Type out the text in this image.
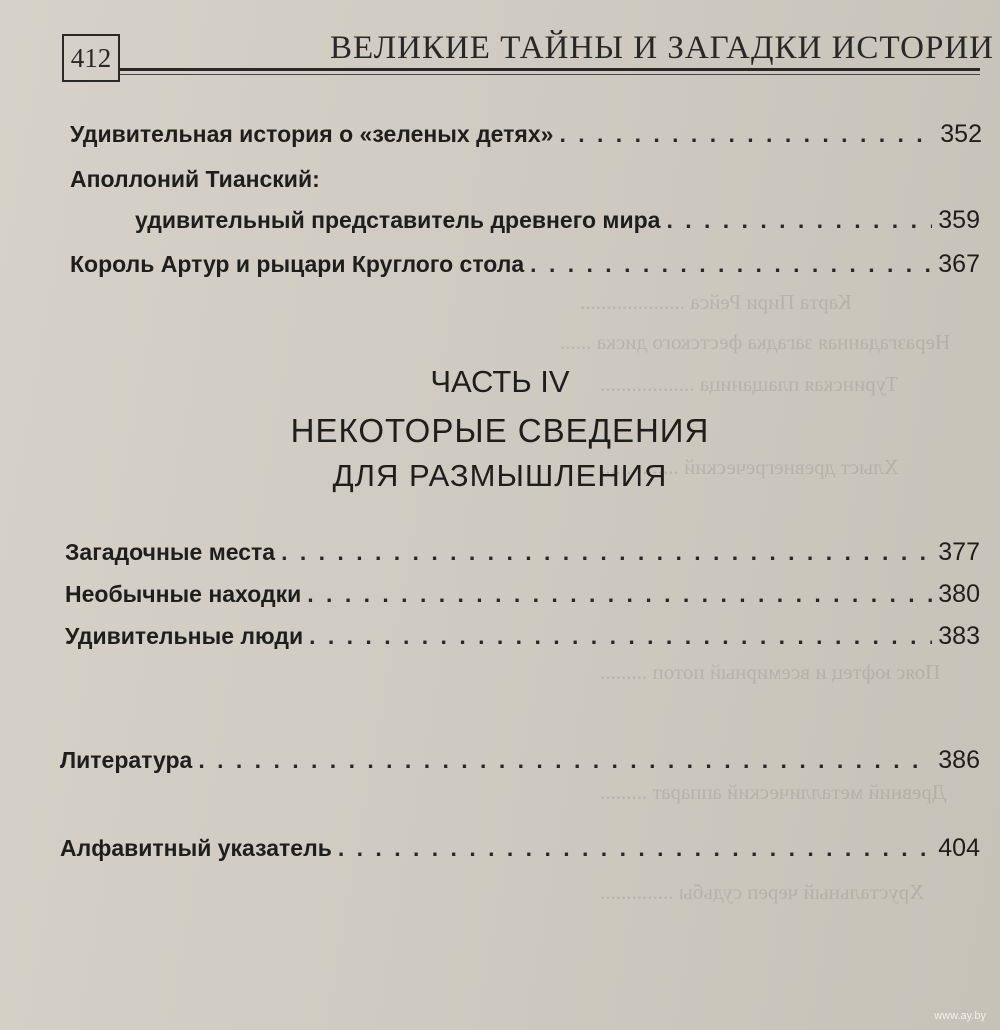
Карта Пири Рейса ....................
Неразгаданная загадка фестского диска ......
Туринская плащаница ..................
Хлыст древнегреческий ...............
Пояс юфтец и всемирный потоп .........
Древний металлический аппарат .........
Хрустальный череп судьбы ..............
412	ВЕЛИКИЕ ТАЙНЫ И ЗАГАДКИ ИСТОРИИ
Удивительная история о «зеленых детях» . . .	352
Аполлоний Тианский:
удивительный представитель древнего мира . . .	359
Король Артур и рыцари Круглого стола . . .	367
ЧАСТЬ IV
НЕКОТОРЫЕ СВЕДЕНИЯ
ДЛЯ РАЗМЫШЛЕНИЯ
Загадочные места . . .	377
Необычные находки . . .	380
Удивительные люди . . .	383
Литература . . .	386
Алфавитный указатель . . .	404
www.ay.by
